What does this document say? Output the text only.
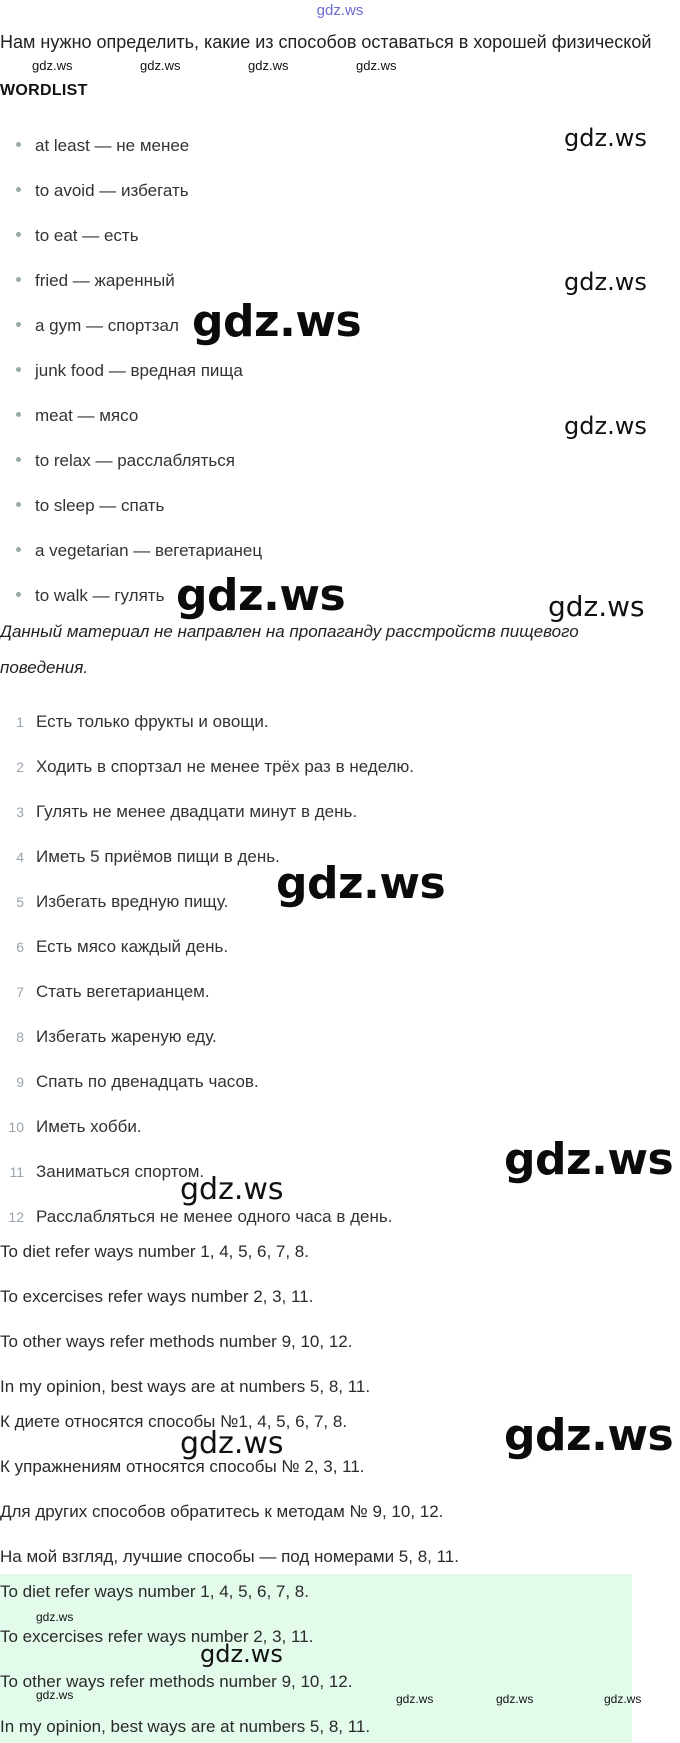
gdz.ws
Нам нужно определить, какие из способов оставаться в хорошей физической
gdz.ws	gdz.ws	gdz.ws	gdz.ws
WORDLIST
at least — не менее
to avoid — избегать
to eat — есть
fried — жаренный
a gym — спортзал
junk food — вредная пища
meat — мясо
to relax — расслабляться
to sleep — спать
a vegetarian — вегетарианец
to walk — гулять
Данный материал не направлен на пропаганду расстройств пищевого
поведения.
1 Есть только фрукты и овощи.
2 Ходить в спортзал не менее трёх раз в неделю.
3 Гулять не менее двадцати минут в день.
4 Иметь 5 приёмов пищи в день.
5 Избегать вредную пищу.
6 Есть мясо каждый день.
7 Стать вегетарианцем.
8 Избегать жареную еду.
9 Спать по двенадцать часов.
10 Иметь хобби.
11 Заниматься спортом.
12 Расслабляться не менее одного часа в день.
To diet refer ways number 1, 4, 5, 6, 7, 8.
To excercises refer ways number 2, 3, 11.
To other ways refer methods number 9, 10, 12.
In my opinion, best ways are at numbers 5, 8, 11.
К диете относятся способы №1, 4, 5, 6, 7, 8.
К упражнениям относятся способы № 2, 3, 11.
Для других способов обратитесь к методам № 9, 10, 12.
На мой взгляд, лучшие способы — под номерами 5, 8, 11.
To diet refer ways number 1, 4, 5, 6, 7, 8.
To excercises refer ways number 2, 3, 11.
To other ways refer methods number 9, 10, 12.
In my opinion, best ways are at numbers 5, 8, 11.
gdz.ws
gdz.ws
gdz.ws
gdz.ws
gdz.ws	gdz.ws
gdz.ws
gdz.ws
gdz.ws
gdz.ws
gdz.ws
gdz.ws
gdz.ws
gdz.ws	gdz.ws	gdz.ws	gdz.ws
